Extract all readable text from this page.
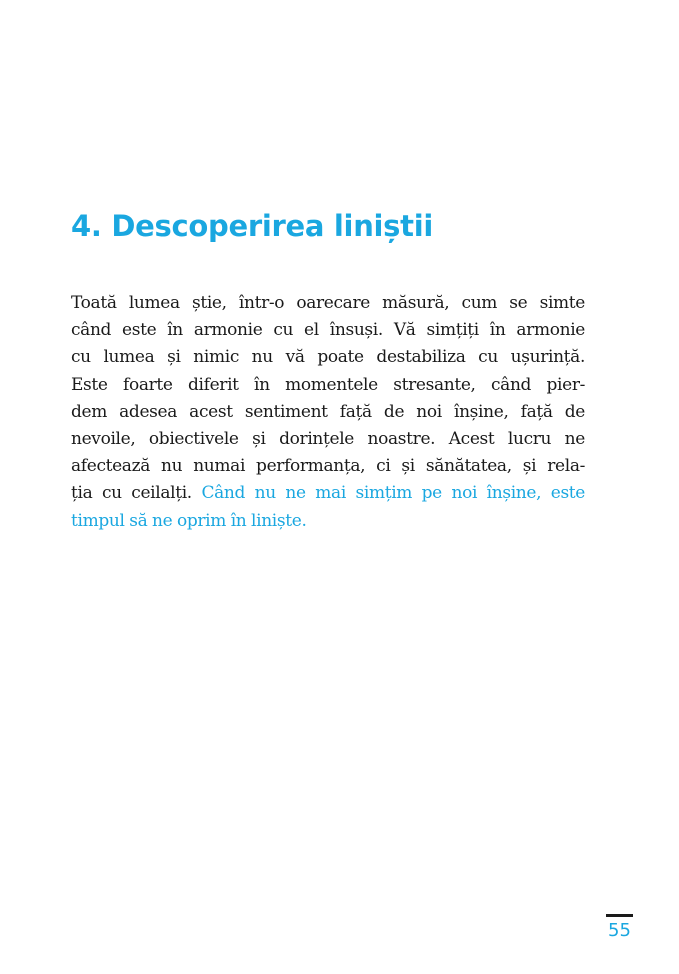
4. Descoperirea liniștii
Toată lumea știe, într-o oarecare măsură, cum se simte
când este în armonie cu el însuși. Vă simțiți în armonie
cu lumea și nimic nu vă poate destabiliza cu ușurință.
Este foarte diferit în momentele stresante, când pier-
dem adesea acest sentiment față de noi înșine, față de
nevoile, obiectivele și dorințele noastre. Acest lucru ne
afectează nu numai performanța, ci și sănătatea, și rela-
ția cu ceilalți. Când nu ne mai simțim pe noi înșine, este
timpul să ne oprim în liniște.

55
